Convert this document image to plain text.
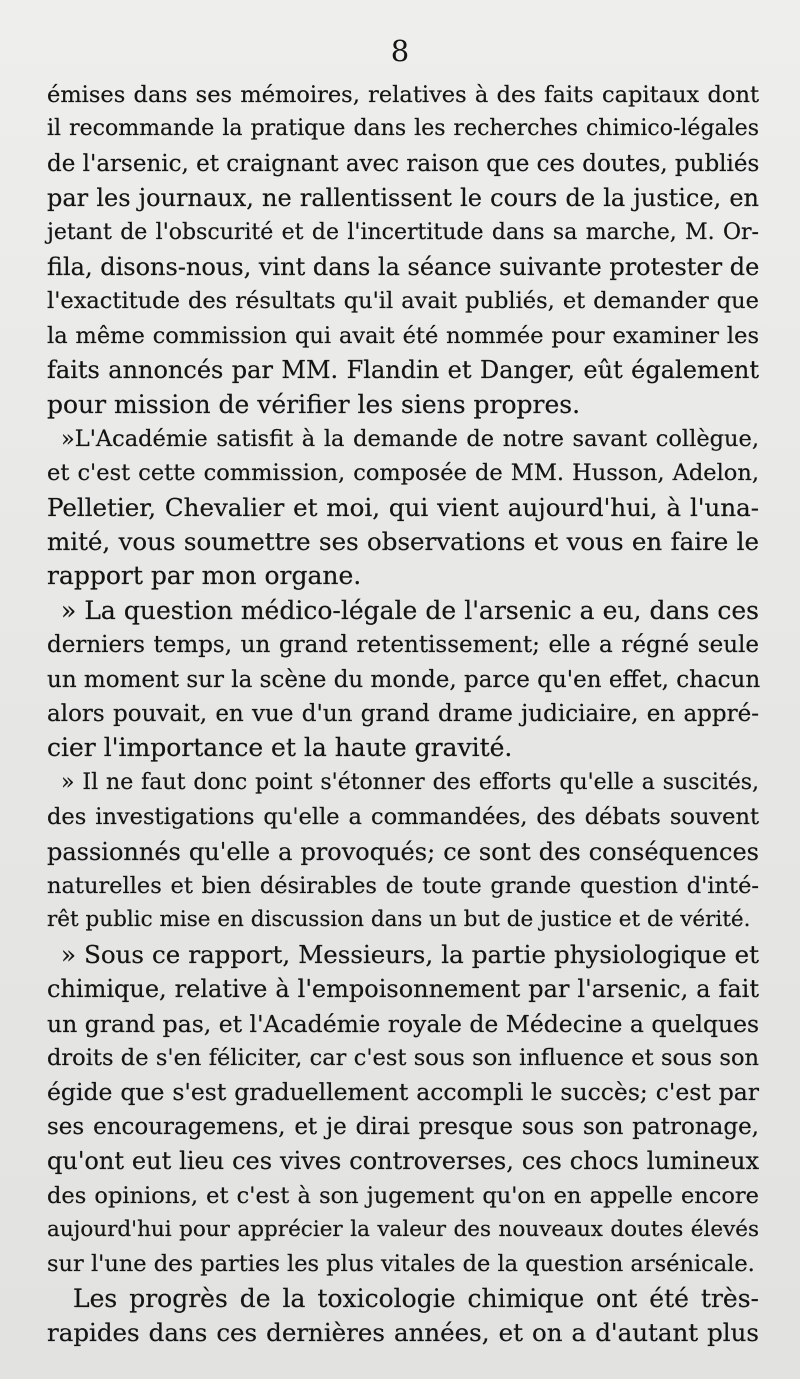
8
émises dans ses mémoires, relatives à des faits capitaux dont
il recommande la pratique dans les recherches chimico-légales
de l'arsenic, et craignant avec raison que ces doutes, publiés
par les journaux, ne rallentissent le cours de la justice, en
jetant de l'obscurité et de l'incertitude dans sa marche, M. Or-
fila, disons-nous, vint dans la séance suivante protester de
l'exactitude des résultats qu'il avait publiés, et demander que
la même commission qui avait été nommée pour examiner les
faits annoncés par MM. Flandin et Danger, eût également
pour mission de vérifier les siens propres.
»L'Académie satisfit à la demande de notre savant collègue,
et c'est cette commission, composée de MM. Husson, Adelon,
Pelletier, Chevalier et moi, qui vient aujourd'hui, à l'una-
mité, vous soumettre ses observations et vous en faire le
rapport par mon organe.
» La question médico-légale de l'arsenic a eu, dans ces
derniers temps, un grand retentissement; elle a régné seule
un moment sur la scène du monde, parce qu'en effet, chacun
alors pouvait, en vue d'un grand drame judiciaire, en appré-
cier l'importance et la haute gravité.
» Il ne faut donc point s'étonner des efforts qu'elle a suscités,
des investigations qu'elle a commandées, des débats souvent
passionnés qu'elle a provoqués; ce sont des conséquences
naturelles et bien désirables de toute grande question d'inté-
rêt public mise en discussion dans un but de justice et de vérité.
» Sous ce rapport, Messieurs, la partie physiologique et
chimique, relative à l'empoisonnement par l'arsenic, a fait
un grand pas, et l'Académie royale de Médecine a quelques
droits de s'en féliciter, car c'est sous son influence et sous son
égide que s'est graduellement accompli le succès; c'est par
ses encouragemens, et je dirai presque sous son patronage,
qu'ont eut lieu ces vives controverses, ces chocs lumineux
des opinions, et c'est à son jugement qu'on en appelle encore
aujourd'hui pour apprécier la valeur des nouveaux doutes élevés
sur l'une des parties les plus vitales de la question arsénicale.
Les progrès de la toxicologie chimique ont été très-
rapides dans ces dernières années, et on a d'autant plus
